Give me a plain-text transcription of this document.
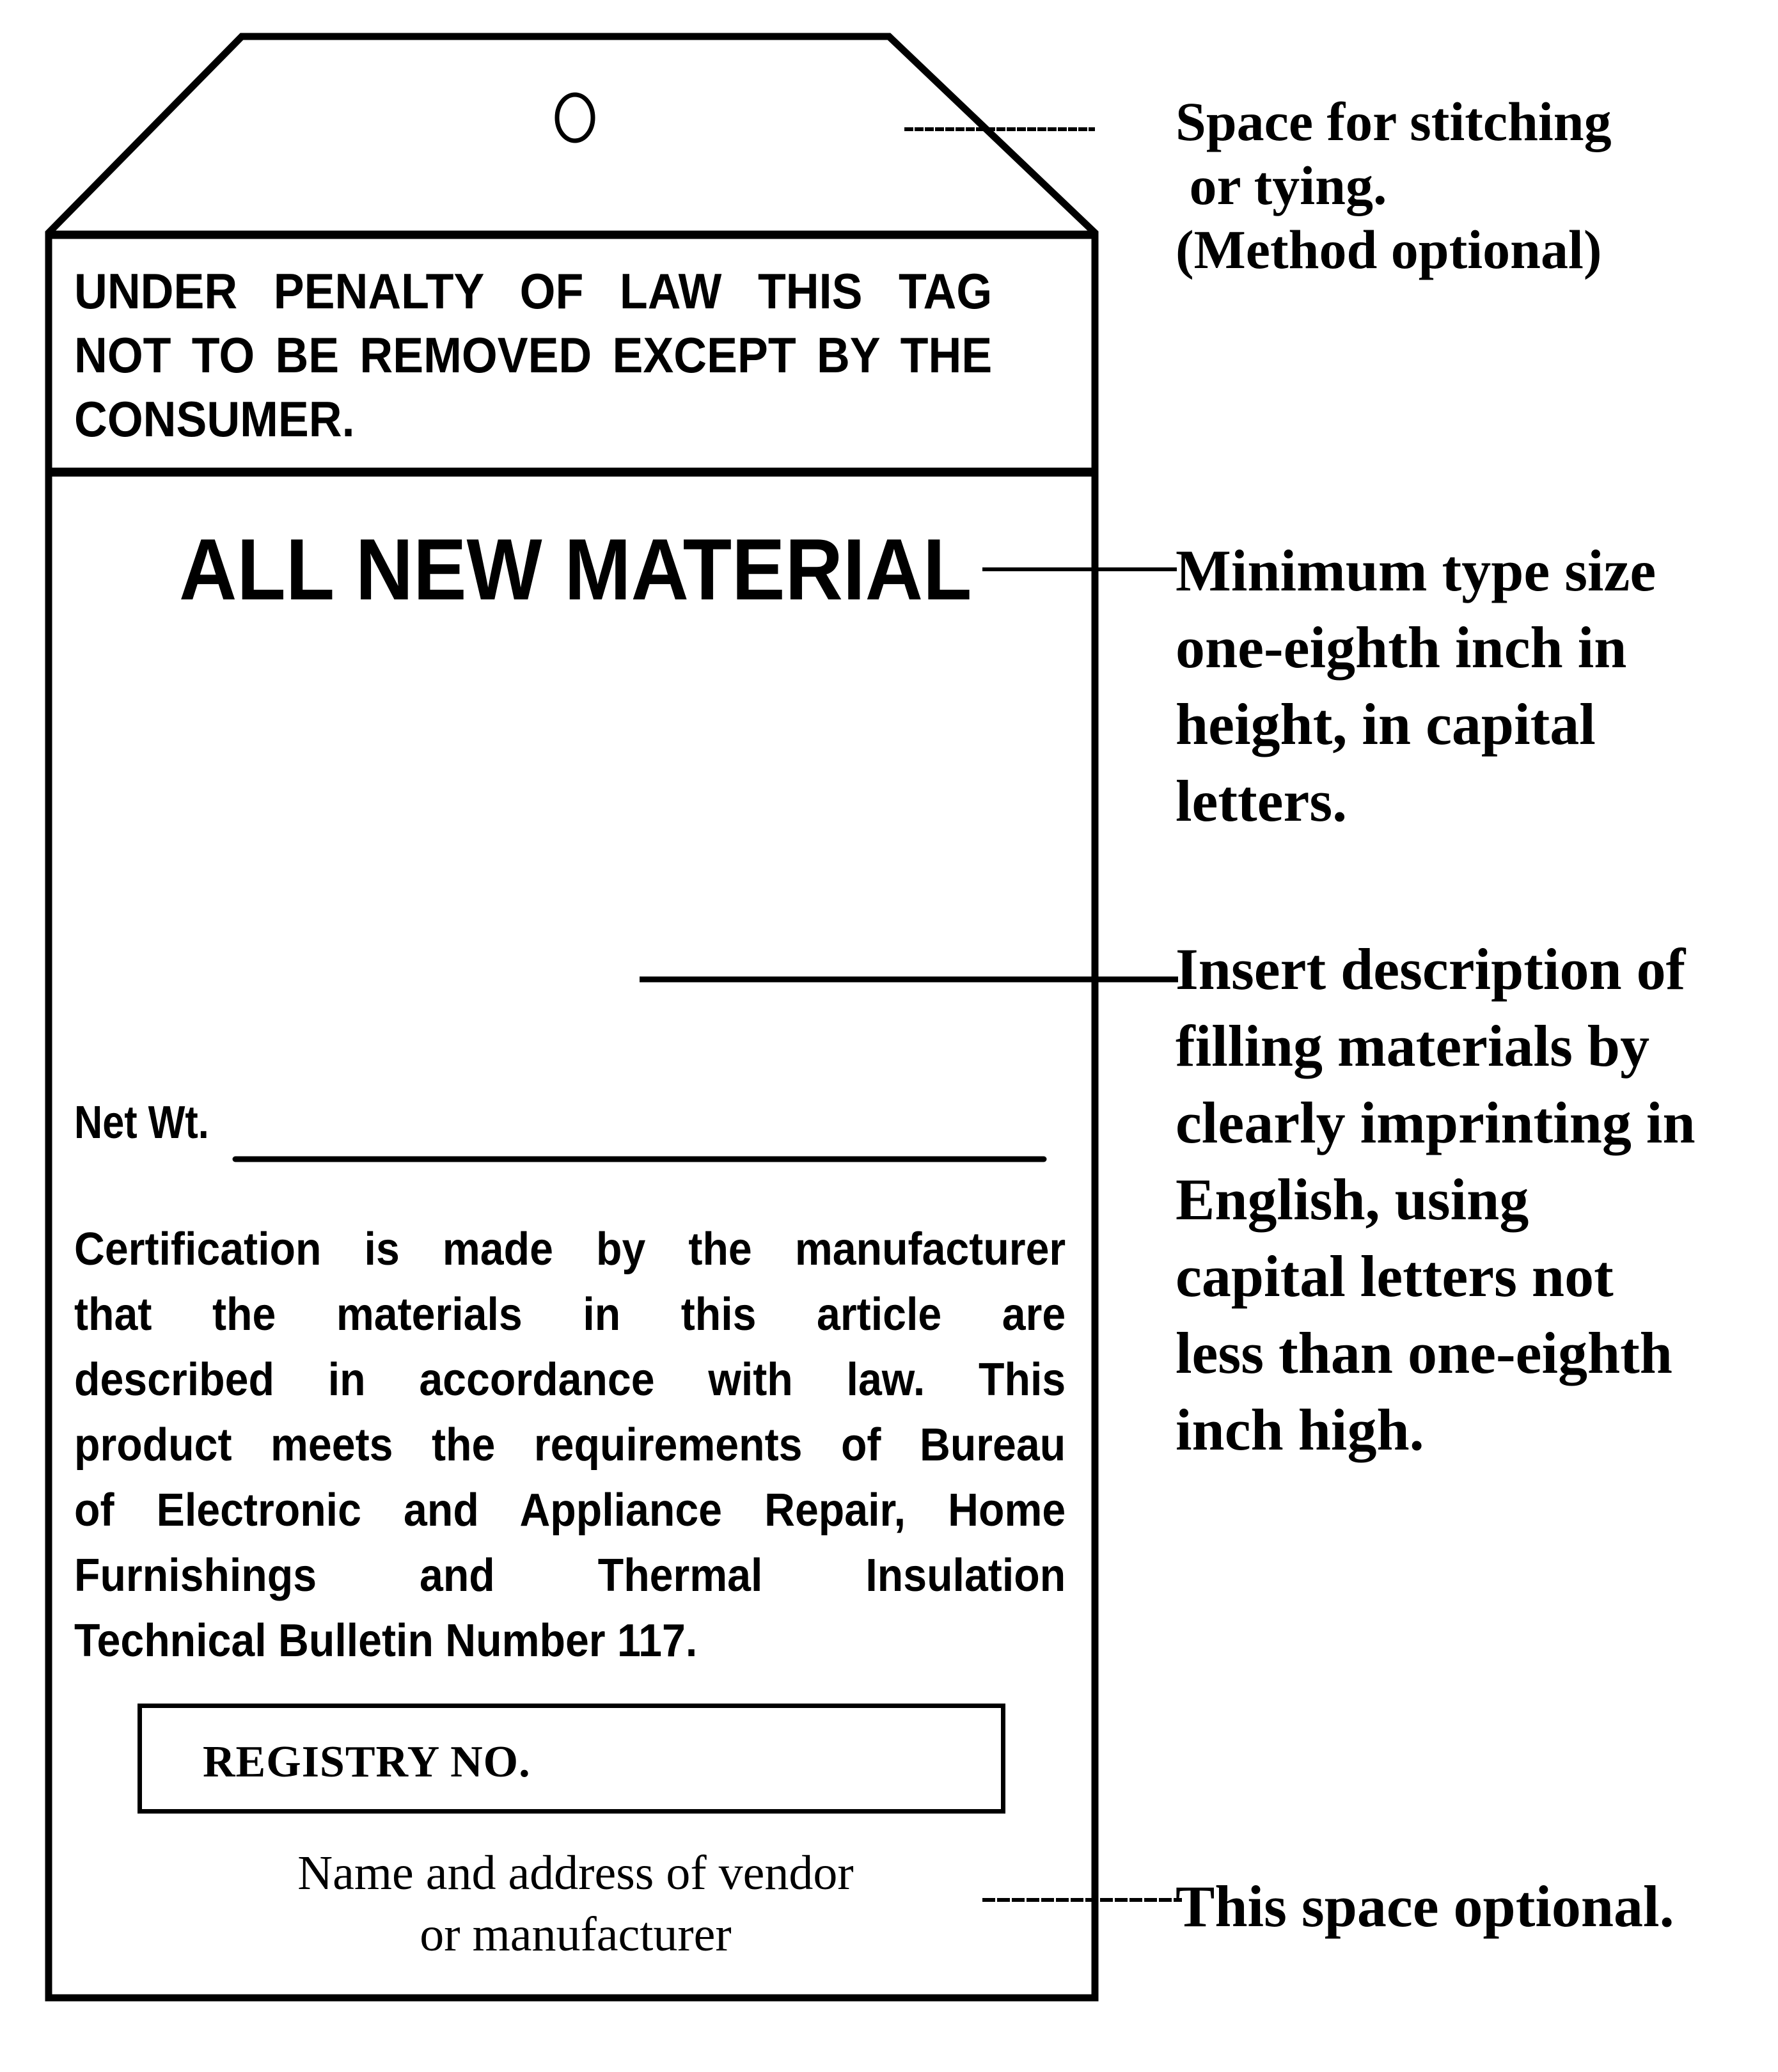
UNDER PENALTY OF LAW THIS TAG
NOT TO BE REMOVED EXCEPT BY THE
CONSUMER.
ALL NEW MATERIAL
Net Wt.
Certification is made by the manufacturer
that the materials in this article are
described in accordance with law. This
product meets the requirements of Bureau
of Electronic and Appliance Repair, Home
Furnishings and Thermal Insulation
Technical Bulletin Number 117.
REGISTRY NO.
Name and address of vendor
or manufacturer
Space for stitching
or tying.
(Method optional)
Minimum type size
one-eighth inch in
height, in capital
letters.
Insert description of
filling materials by
clearly imprinting in
English, using
capital letters not
less than one-eighth
inch high.
This space optional.
